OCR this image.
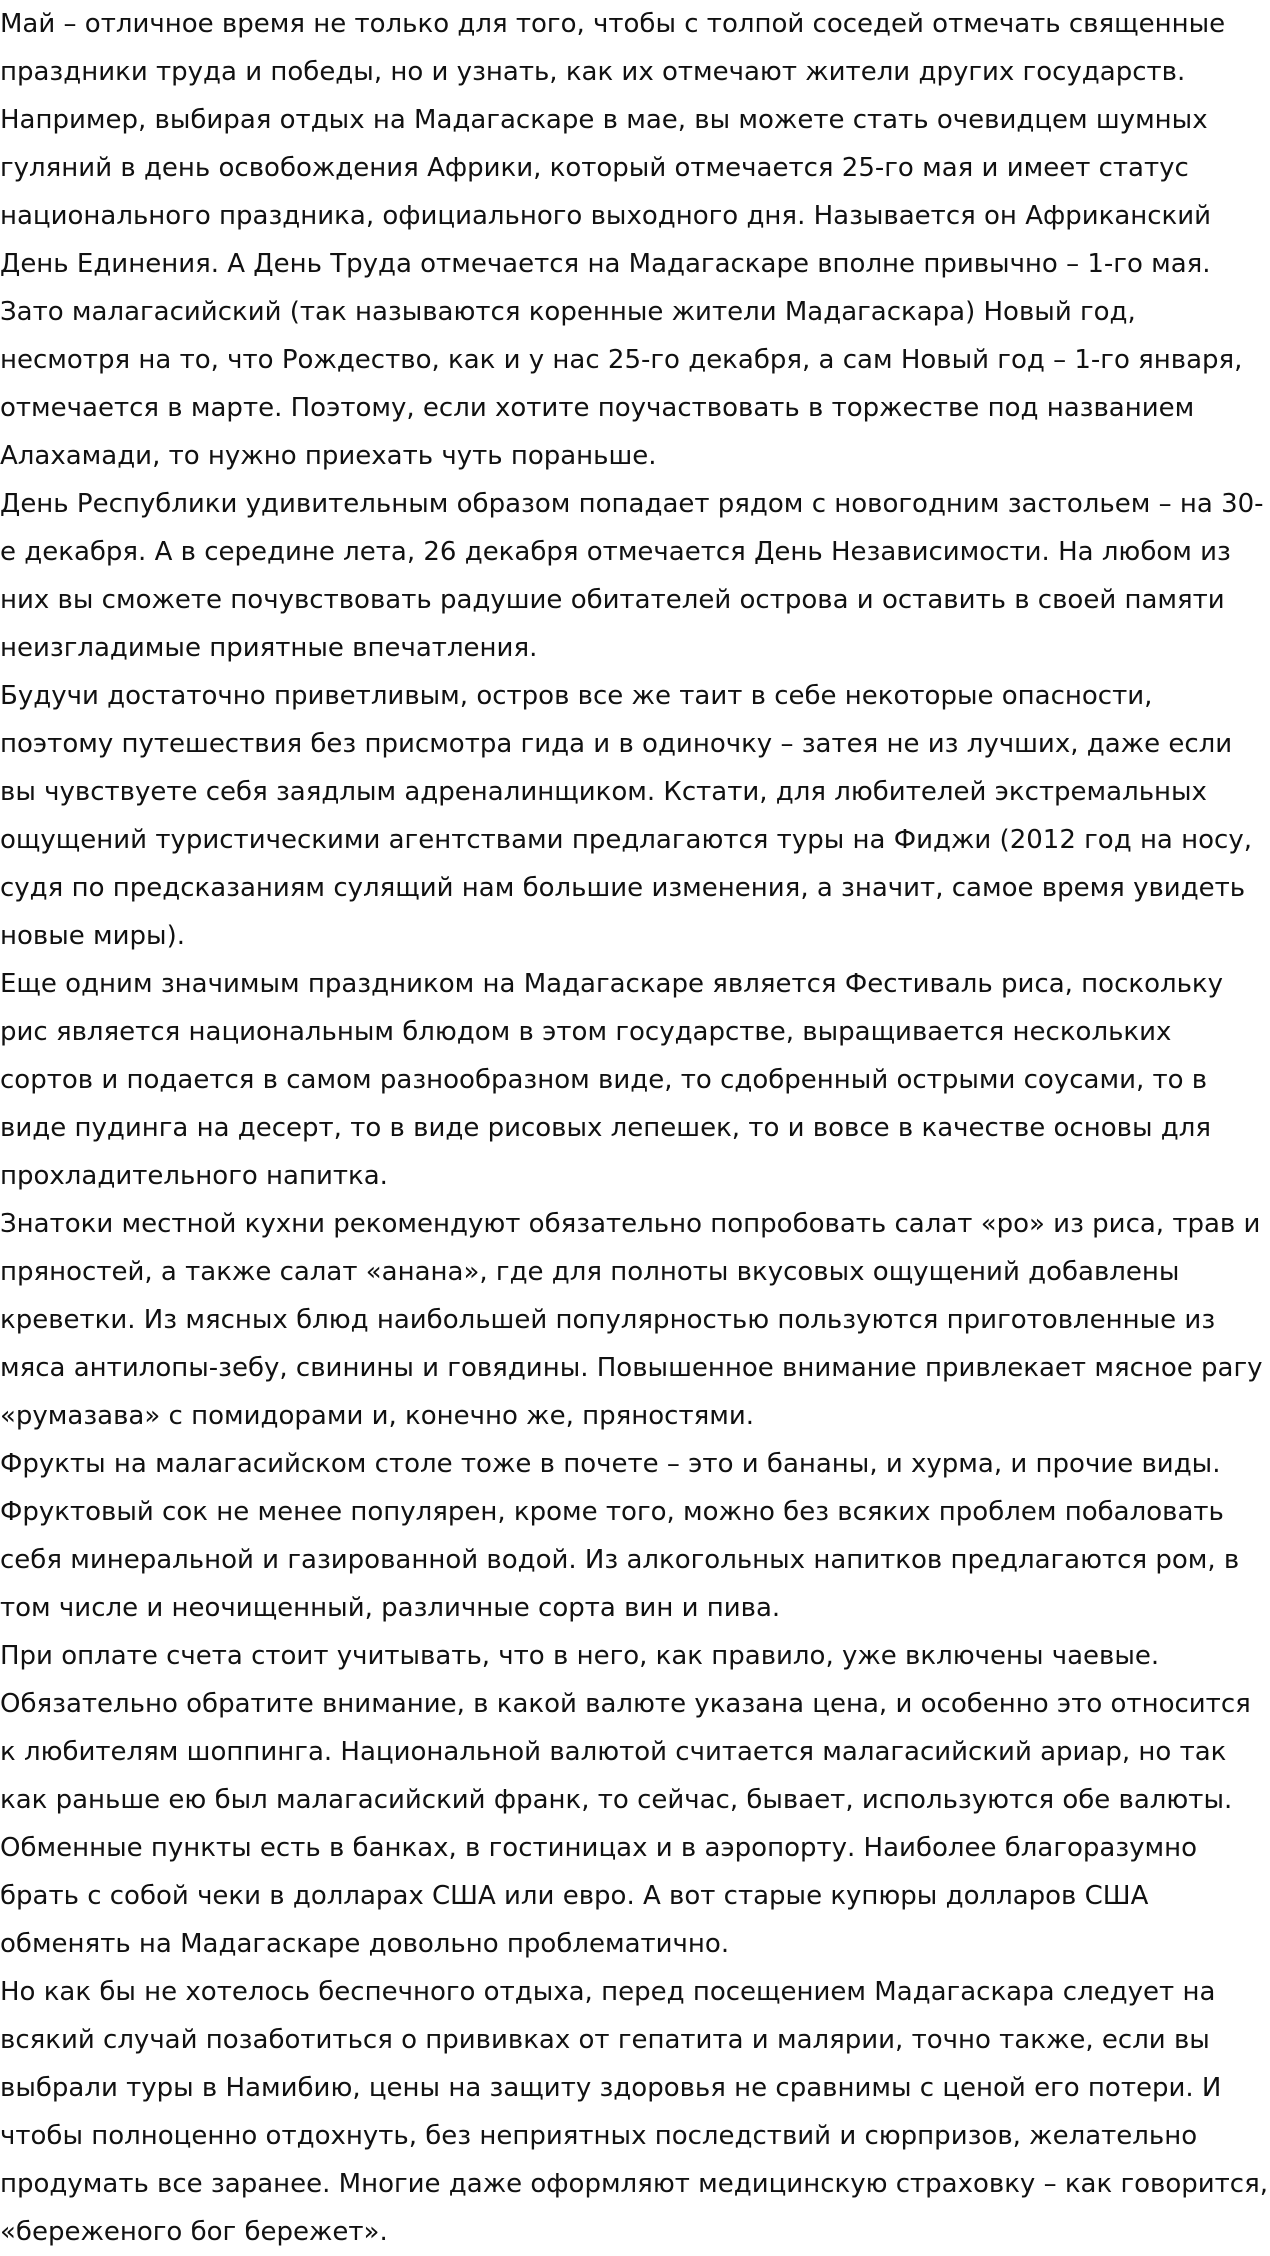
Май – отличное время не только для того, чтобы с толпой соседей отмечать священные
праздники труда и победы, но и узнать, как их отмечают жители других государств.
Например, выбирая отдых на Мадагаскаре в мае, вы можете стать очевидцем шумных
гуляний в день освобождения Африки, который отмечается 25-го мая и имеет статус
национального праздника, официального выходного дня. Называется он Африканский
День Единения. А День Труда отмечается на Мадагаскаре вполне привычно – 1-го мая.
Зато малагасийский (так называются коренные жители Мадагаскара) Новый год,
несмотря на то, что Рождество, как и у нас 25-го декабря, а сам Новый год – 1-го января,
отмечается в марте. Поэтому, если хотите поучаствовать в торжестве под названием
Алахамади, то нужно приехать чуть пораньше.

День Республики удивительным образом попадает рядом с новогодним застольем – на 30-
е декабря. А в середине лета, 26 декабря отмечается День Независимости. На любом из
них вы сможете почувствовать радушие обитателей острова и оставить в своей памяти
неизгладимые приятные впечатления.

Будучи достаточно приветливым, остров все же таит в себе некоторые опасности,
поэтому путешествия без присмотра гида и в одиночку – затея не из лучших, даже если
вы чувствуете себя заядлым адреналинщиком. Кстати, для любителей экстремальных
ощущений туристическими агентствами предлагаются туры на Фиджи (2012 год на носу,
судя по предсказаниям сулящий нам большие изменения, а значит, самое время увидеть
новые миры).

Еще одним значимым праздником на Мадагаскаре является Фестиваль риса, поскольку
рис является национальным блюдом в этом государстве, выращивается нескольких
сортов и подается в самом разнообразном виде, то сдобренный острыми соусами, то в
виде пудинга на десерт, то в виде рисовых лепешек, то и вовсе в качестве основы для
прохладительного напитка.

Знатоки местной кухни рекомендуют обязательно попробовать салат «ро» из риса, трав и
пряностей, а также салат «анана», где для полноты вкусовых ощущений добавлены
креветки. Из мясных блюд наибольшей популярностью пользуются приготовленные из
мяса антилопы-зебу, свинины и говядины. Повышенное внимание привлекает мясное рагу
«румазава» с помидорами и, конечно же, пряностями.

Фрукты на малагасийском столе тоже в почете – это и бананы, и хурма, и прочие виды.
Фруктовый сок не менее популярен, кроме того, можно без всяких проблем побаловать
себя минеральной и газированной водой. Из алкогольных напитков предлагаются ром, в
том числе и неочищенный, различные сорта вин и пива.

При оплате счета стоит учитывать, что в него, как правило, уже включены чаевые.
Обязательно обратите внимание, в какой валюте указана цена, и особенно это относится
к любителям шоппинга. Национальной валютой считается малагасийский ариар, но так
как раньше ею был малагасийский франк, то сейчас, бывает, используются обе валюты.
Обменные пункты есть в банках, в гостиницах и в аэропорту. Наиболее благоразумно
брать с собой чеки в долларах США или евро. А вот старые купюры долларов США
обменять на Мадагаскаре довольно проблематично.

Но как бы не хотелось беспечного отдыха, перед посещением Мадагаскара следует на
всякий случай позаботиться о прививках от гепатита и малярии, точно также, если вы
выбрали туры в Намибию, цены на защиту здоровья не сравнимы с ценой его потери. И
чтобы полноценно отдохнуть, без неприятных последствий и сюрпризов, желательно
продумать все заранее. Многие даже оформляют медицинскую страховку – как говорится,
«береженого бог бережет».
